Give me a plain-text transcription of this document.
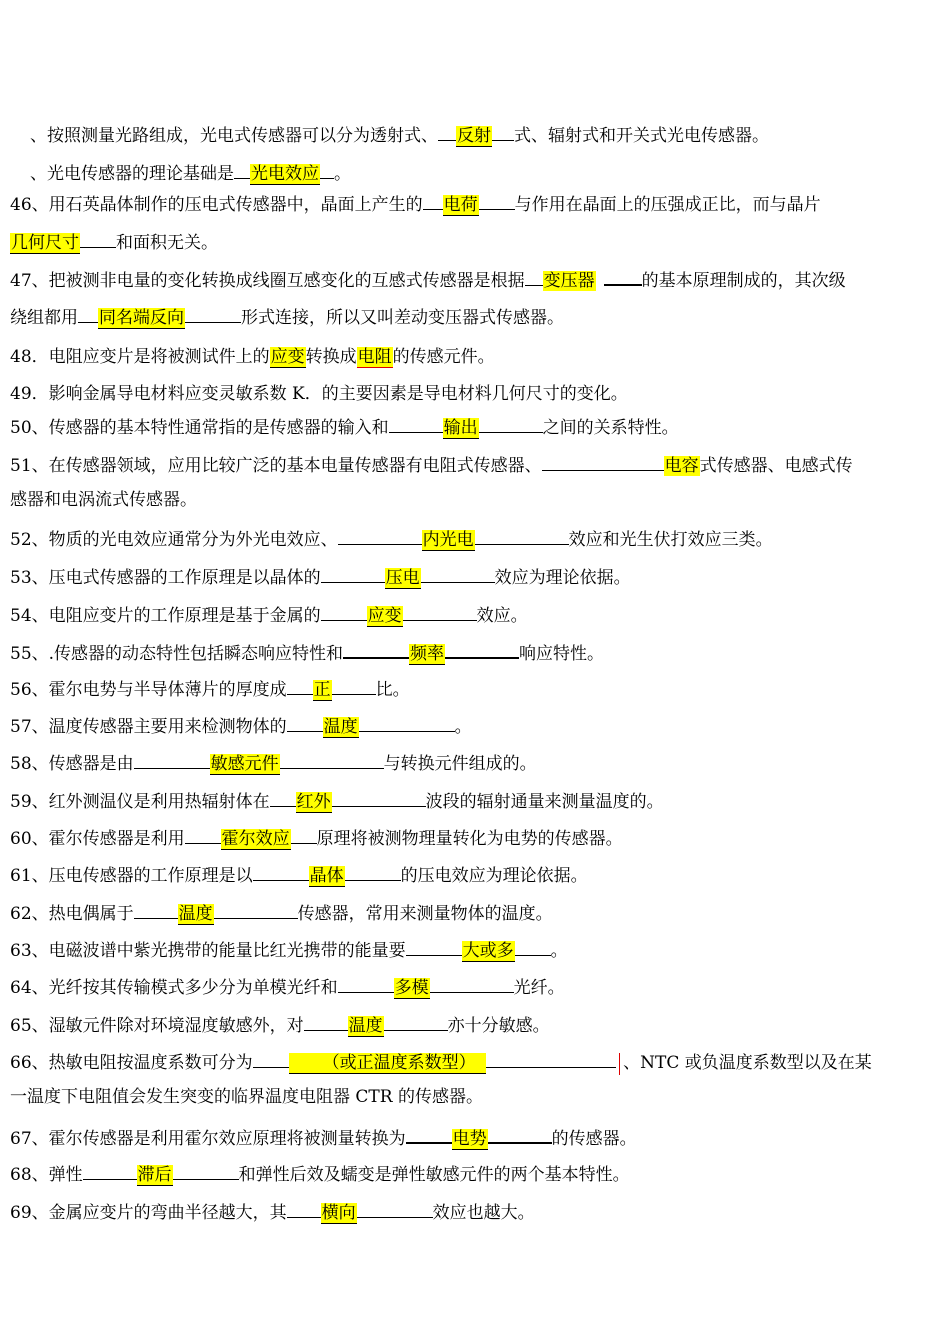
、按照测量光路组成，光电式传感器可以分为透射式、 反射 式、辐射式和开关式光电传感器。
、光电传感器的理论基础是 光电效应 。
46、用石英晶体制作的压电式传感器中，晶面上产生的 电荷 与作用在晶面上的压强成正比，而与晶片
几何尺寸 和面积无关。
47、把被测非电量的变化转换成线圈互感变化的互感式传感器是根据 变压器	的基本原理制成的，其次级
绕组都用 同名端反向	形式连接，所以又叫差动变压器式传感器。
48．电阻应变片是将被测试件上的应变转换成电阻的传感元件。
49．影响金属导电材料应变灵敏系数 K．的主要因素是导电材料几何尺寸的变化。
50、传感器的基本特性通常指的是传感器的输入和	输出	之间的关系特性。
51、在传感器领域，应用比较广泛的基本电量传感器有电阻式传感器、	电容式传感器、电感式传
感器和电涡流式传感器。
52、物质的光电效应通常分为外光电效应、	内光电	效应和光生伏打效应三类。
53、压电式传感器的工作原理是以晶体的	压电	效应为理论依据。
54、电阻应变片的工作原理是基于金属的	应变	效应。
55、.传感器的动态特性包括瞬态响应特性和	频率	响应特性。
56、霍尔电势与半导体薄片的厚度成 正	比。
57、温度传感器主要用来检测物体的 温度	。
58、传感器是由	敏感元件	与转换元件组成的。
59、红外测温仪是利用热辐射体在 红外	波段的辐射通量来测量温度的。
60、霍尔传感器是利用 霍尔效应 原理将被测物理量转化为电势的传感器。
61、压电传感器的工作原理是以	晶体	的压电效应为理论依据。
62、热电偶属于	温度	传感器，常用来测量物体的温度。
63、电磁波谱中紫光携带的能量比红光携带的能量要	大或多 。
64、光纤按其传输模式多少分为单模光纤和	多模	光纤。
65、湿敏元件除对环境湿度敏感外，对	温度	亦十分敏感。
66、热敏电阻按温度系数可分为	（或正温度系数型）	、NTC 或负温度系数型以及在某
一温度下电阻值会发生突变的临界温度电阻器 CTR 的传感器。
67、霍尔传感器是利用霍尔效应原理将被测量转换为	电势	的传感器。
68、弹性	滞后	和弹性后效及蠕变是弹性敏感元件的两个基本特性。
69、金属应变片的弯曲半径越大，其 横向	效应也越大。
